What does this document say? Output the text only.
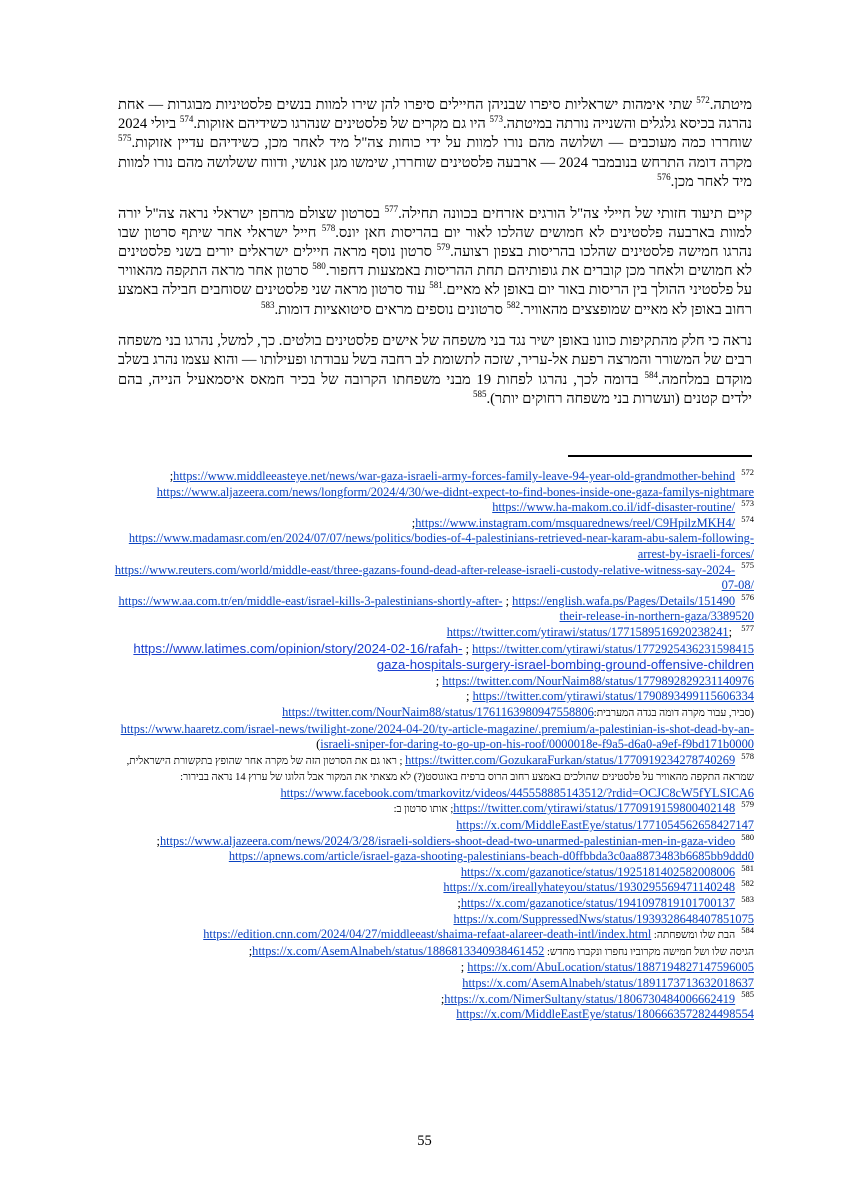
מיטתה.$^{572}$ שתי אימהות ישראליות סיפרו שבניהן החיילים סיפרו להן שירו למוות בנשים פלסטיניות מבוגרות — אחת נהרגה בכיסא גלגלים והשנייה נורתה במיטתה.$^{573}$ היו גם מקרים של פלסטינים שנהרגו כשידיהם אזוקות.$^{574}$ ביולי 2024 שוחררו כמה מעוכבים — ושלושה מהם נורו למוות על ידי כוחות צה"ל מיד לאחר מכן, כשידיהם עדיין אזוקות.$^{575}$ מקרה דומה התרחש בנובמבר 2024 — ארבעה פלסטינים שוחררו, שימשו מגן אנושי, ודווח ששלושה מהם נורו למוות מיד לאחר מכן.$^{576}$

קיים תיעוד חזותי של חיילי צה"ל הורגים אזרחים בכוונה תחילה.$^{577}$ בסרטון שצולם מרחפן ישראלי נראה צה"ל יורה למוות בארבעה פלסטינים לא חמושים שהלכו לאור יום בהריסות חאן יונס.$^{578}$ חייל ישראלי אחר שיתף סרטון שבו נהרגו חמישה פלסטינים שהלכו בהריסות בצפון רצועה.$^{579}$ סרטון נוסף מראה חיילים ישראלים יורים בשני פלסטינים לא חמושים ולאחר מכן קוברים את גופותיהם תחת ההריסות באמצעות דחפור.$^{580}$ סרטון אחר מראה התקפה מהאוויר על פלסטיני ההולך בין הריסות באור יום באופן לא מאיים.$^{581}$ עוד סרטון מראה שני פלסטינים שסוחבים חבילה באמצע רחוב באופן לא מאיים שמופצצים מהאוויר.$^{582}$ סרטונים נוספים מראים סיטואציות דומות.$^{583}$

נראה כי חלק מהתקיפות כוונו באופן ישיר נגד בני משפחה של אישים פלסטינים בולטים. כך, למשל, נהרגו בני משפחה רבים של המשורר והמרצה רפעת אל-עריר, שזכה לתשומת לב רחבה בשל עבודתו ופעילותו — והוא עצמו נהרג בשלב מוקדם במלחמה.$^{584}$ בדומה לכך, נהרגו לפחות 19 מבני משפחתו הקרובה של בכיר חמאס איסמאעיל הנייה, בהם ילדים קטנים (ועשרות בני משפחה רחוקים יותר).$^{585}$

$^{572}$ https://www.middleeasteye.net/news/war-gaza-israeli-army-forces-family-leave-94-year-old-grandmother-behind ; https://www.aljazeera.com/news/longform/2024/4/30/we-didnt-expect-to-find-bones-inside-one-gaza-familys-nightmare

$^{573}$ https://www.ha-makom.co.il/idf-disaster-routine/

$^{574}$ https://www.instagram.com/msquarednews/reel/C9HpilzMKH4/ ; https://www.madamasr.com/en/2024/07/07/news/politics/bodies-of-4-palestinians-retrieved-near-karam-abu-salem-following-arrest-by-israeli-forces/

$^{575}$ https://www.reuters.com/world/middle-east/three-gazans-found-dead-after-release-israeli-custody-relative-witness-say-2024-07-08/

$^{576}$ https://english.wafa.ps/Pages/Details/151490 ; https://www.aa.com.tr/en/middle-east/israel-kills-3-palestinians-shortly-after-their-release-in-northern-gaza/3389520

$^{577}$ ; https://twitter.com/ytirawi/status/1771589516920238241

https://twitter.com/ytirawi/status/1772925436231598415 ; https://www.latimes.com/opinion/story/2024-02-16/rafah-gaza-hospitals-surgery-israel-bombing-ground-offensive-children
https://twitter.com/NourNaim88/status/1779892829231140976 ;
https://twitter.com/ytirawi/status/1790893499115606334 ;
(סביר, עבור מקרה דומה בגדה המערבית:https://twitter.com/NourNaim88/status/1761163980947558806
https://www.haaretz.com/israel-news/twilight-zone/2024-04-20/ty-article-magazine/.premium/a-palestinian-is-shot-dead-by-an-israeli-sniper-for-daring-to-go-up-on-his-roof/0000018e-f9a5-d6a0-a9ef-f9bd171b0000)
$^{578}$ https://twitter.com/GozukaraFurkan/status/1770919234278740269 ; ראו גם את הסרטון הזה של מקרה אחר שהופץ בתקשורת הישראלית, שמראה התקפה מהאוויר על פלסטינים שהולכים באמצע רחוב הרוס ברפיח באוגוסט(?) לא מצאתי את המקור אבל הלוגו של ערוץ 14 נראה בבירור:
https://www.facebook.com/tmarkovitz/videos/445558885143512/?rdid=OCJC8cW5fYLSICA6

$^{579}$ https://twitter.com/ytirawi/status/1770919159800402148; אותו סרטון ב:
https://x.com/MiddleEastEye/status/1771054562658427147

$^{580}$ https://www.aljazeera.com/news/2024/3/28/israeli-soldiers-shoot-dead-two-unarmed-palestinian-men-in-gaza-video ; https://apnews.com/article/israel-gaza-shooting-palestinians-beach-d0ffbbda3c0aa8873483b6685bb9ddd0

$^{581}$ https://x.com/gazanotice/status/1925181402582008006

$^{582}$ https://x.com/ireallyhateyou/status/1930295569471140248

$^{583}$ https://x.com/gazanotice/status/1941097819101700137 ;
https://x.com/SuppressedNws/status/1939328648407851075

$^{584}$ הבת שלו ומשפחתה: https://edition.cnn.com/2024/04/27/middleeast/shaima-refaat-alareer-death-intl/index.html
הגיסה שלו ושל חמישה מקרוביו נחפרו ונקברו מחדש: https://x.com/AsemAlnabeh/status/1886813340938461452 ;
https://x.com/AbuLocation/status/1887194827147596005 ;
https://x.com/AsemAlnabeh/status/1891173713632018637

$^{585}$ https://x.com/NimerSultany/status/1806730484006662419 ;
https://x.com/MiddleEastEye/status/1806663572824498554

55
